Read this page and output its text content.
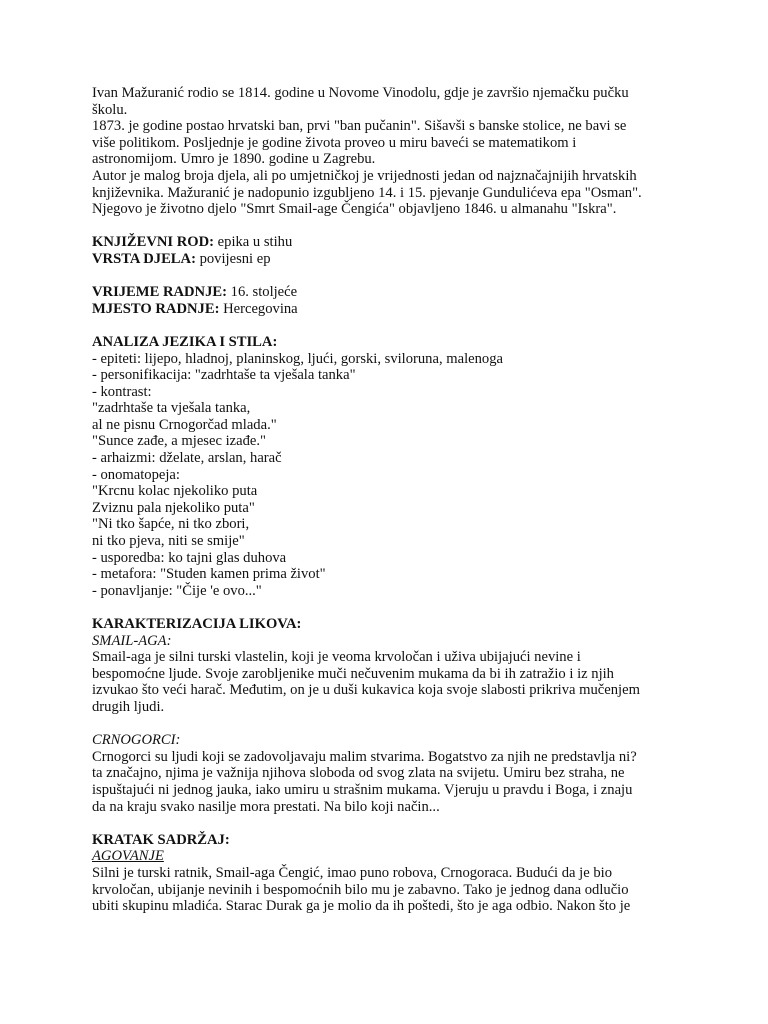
Ivan Mažuranić rodio se 1814. godine u Novome Vinodolu, gdje je završio njemačku pučku
školu.
1873. je godine postao hrvatski ban, prvi "ban pučanin". Sišavši s banske stolice, ne bavi se
više politikom. Posljednje je godine života proveo u miru baveći se matematikom i
astronomijom. Umro je 1890. godine u Zagrebu.
Autor je malog broja djela, ali po umjetničkoj je vrijednosti jedan od najznačajnijih hrvatskih
književnika. Mažuranić je nadopunio izgubljeno 14. i 15. pjevanje Gundulićeva epa "Osman".
Njegovo je životno djelo "Smrt Smail-age Čengića" objavljeno 1846. u almanahu "Iskra".
KNJIŽEVNI ROD: epika u stihu
VRSTA DJELA: povijesni ep
VRIJEME RADNJE: 16. stoljeće
MJESTO RADNJE: Hercegovina
ANALIZA JEZIKA I STILA:
- epiteti: lijepo, hladnoj, planinskog, ljući, gorski, sviloruna, malenoga
- personifikacija: "zadrhtaše ta vješala tanka"
- kontrast:
"zadrhtaše ta vješala tanka,
al ne pisnu Crnogorčad mlada."
"Sunce zađe, a mjesec izađe."
- arhaizmi: dželate, arslan, harač
- onomatopeja:
"Krcnu kolac njekoliko puta
Zviznu pala njekoliko puta"
"Ni tko šapće, ni tko zbori,
ni tko pjeva, niti se smije"
- usporedba: ko tajni glas duhova
- metafora: "Studen kamen prima život"
- ponavljanje: "Čije 'e ovo..."
KARAKTERIZACIJA LIKOVA:
SMAIL-AGA:
Smail-aga je silni turski vlastelin, koji je veoma krvoločan i uživa ubijajući nevine i
bespomoćne ljude. Svoje zarobljenike muči nečuvenim mukama da bi ih zatražio i iz njih
izvukao što veći harač. Međutim, on je u duši kukavica koja svoje slabosti prikriva mučenjem
drugih ljudi.
CRNOGORCI:
Crnogorci su ljudi koji se zadovoljavaju malim stvarima. Bogatstvo za njih ne predstavlja ni?
ta značajno, njima je važnija njihova sloboda od svog zlata na svijetu. Umiru bez straha, ne
ispuštajući ni jednog jauka, iako umiru u strašnim mukama. Vjeruju u pravdu i Boga, i znaju
da na kraju svako nasilje mora prestati. Na bilo koji način...
KRATAK SADRŽAJ:
AGOVANJE
Silni je turski ratnik, Smail-aga Čengić, imao puno robova, Crnogoraca. Budući da je bio
krvoločan, ubijanje nevinih i bespomoćnih bilo mu je zabavno. Tako je jednog dana odlučio
ubiti skupinu mladića. Starac Durak ga je molio da ih poštedi, što je aga odbio. Nakon što je
